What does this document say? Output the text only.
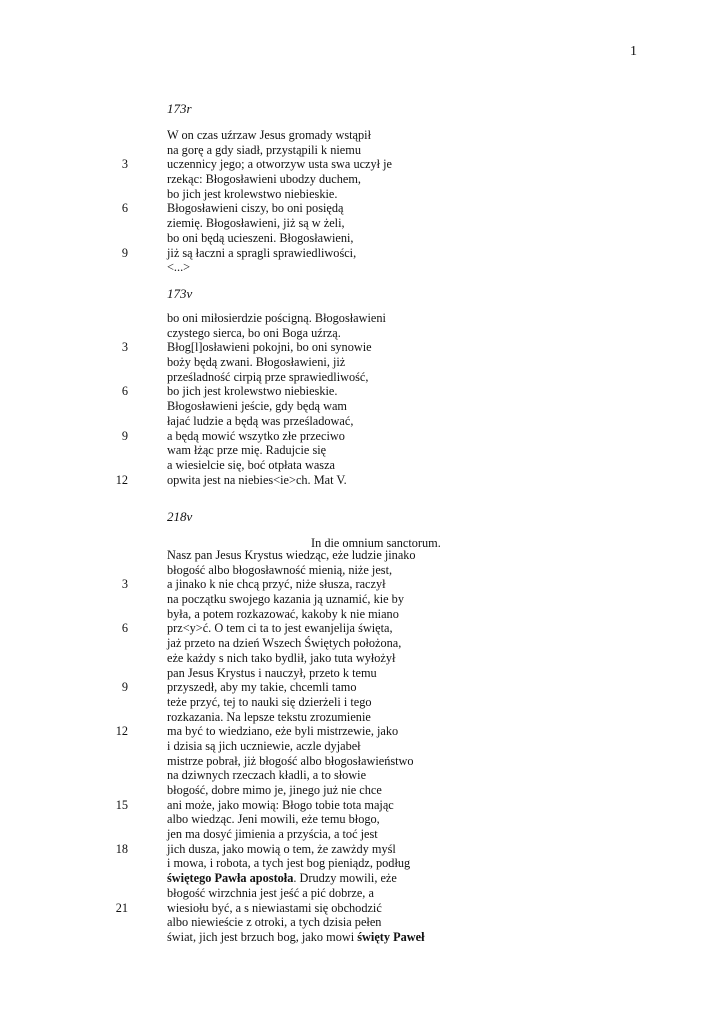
1
173r
W on czas uźrzaw Jesus gromady wstąpił
na gorę a gdy siadł, przystąpili k niemu
3	uczennicy jego; a otworzyw usta swa uczył je
rzekąc: Błogosławieni ubodzy duchem,
bo jich jest krolewstwo niebieskie.
6	Błogosławieni ciszy, bo oni posiędą
ziemię. Błogosławieni, jiż są w żeli,
bo oni będą ucieszeni. Błogosławieni,
9	jiż są łaczni a spragli sprawiedliwości,
<...>
173v
bo oni miłosierdzie pościgną. Błogosławieni
czystego sierca, bo oni Boga uźrzą.
3	Błog[l]osławieni pokojni, bo oni synowie
boży będą zwani. Błogosławieni, jiż
prześladność cirpią prze sprawiedliwość,
6	bo jich jest krolewstwo niebieskie.
Błogosławieni jeście, gdy będą wam
łajać ludzie a będą was prześladować,
9	a będą mowić wszytko złe przeciwo
wam łżąc prze mię. Radujcie się
a wiesielcie się, boć otpłata wasza
12	opwita jest na niebies<ie>ch. Mat V.
218v
In die omnium sanctorum.
Nasz pan Jesus Krystus wiedząc, eże ludzie jinako
błogość albo błogosławność mienią, niże jest,
3	a jinako k nie chcą przyć, niże słusza, raczył
na początku swojego kazania ją uznamić, kie by
była, a potem rozkazować, kakoby k nie miano
6	prz<y>ć. O tem ci ta to jest ewanjelija święta,
jaż przeto na dzień Wszech Świętych położona,
eże każdy s nich tako bydlił, jako tuta wyłożył
pan Jesus Krystus i nauczył, przeto k temu
9	przyszedł, aby my takie, chcemli tamo
teże przyć, tej to nauki się dzierżeli i tego
rozkazania. Na lepsze tekstu zrozumienie
12	ma być to wiedziano, eże byli mistrzewie, jako
i dzisia są jich uczniewie, aczle dyjabeł
mistrze pobrał, jiż błogość albo błogosławieństwo
na dziwnych rzeczach kładli, a to słowie
błogość, dobre mimo je, jinego już nie chce
15	ani może, jako mowią: Błogo tobie tota mając
albo wiedząc. Jeni mowili, eże temu błogo,
jen ma dosyć jimienia a przyścia, a toć jest
18	jich dusza, jako mowią o tem, że zawżdy myśl
i mowa, i robota, a tych jest bog pieniądz, podług
świętego Pawła apostoła. Drudzy mowili, eże
błogość wirzchnia jest jeść a pić dobrze, a
21	wiesiołu być, a s niewiastami się obchodzić
albo niewieście z otroki, a tych dzisia pełen
świat, jich jest brzuch bog, jako mowi święty Paweł
